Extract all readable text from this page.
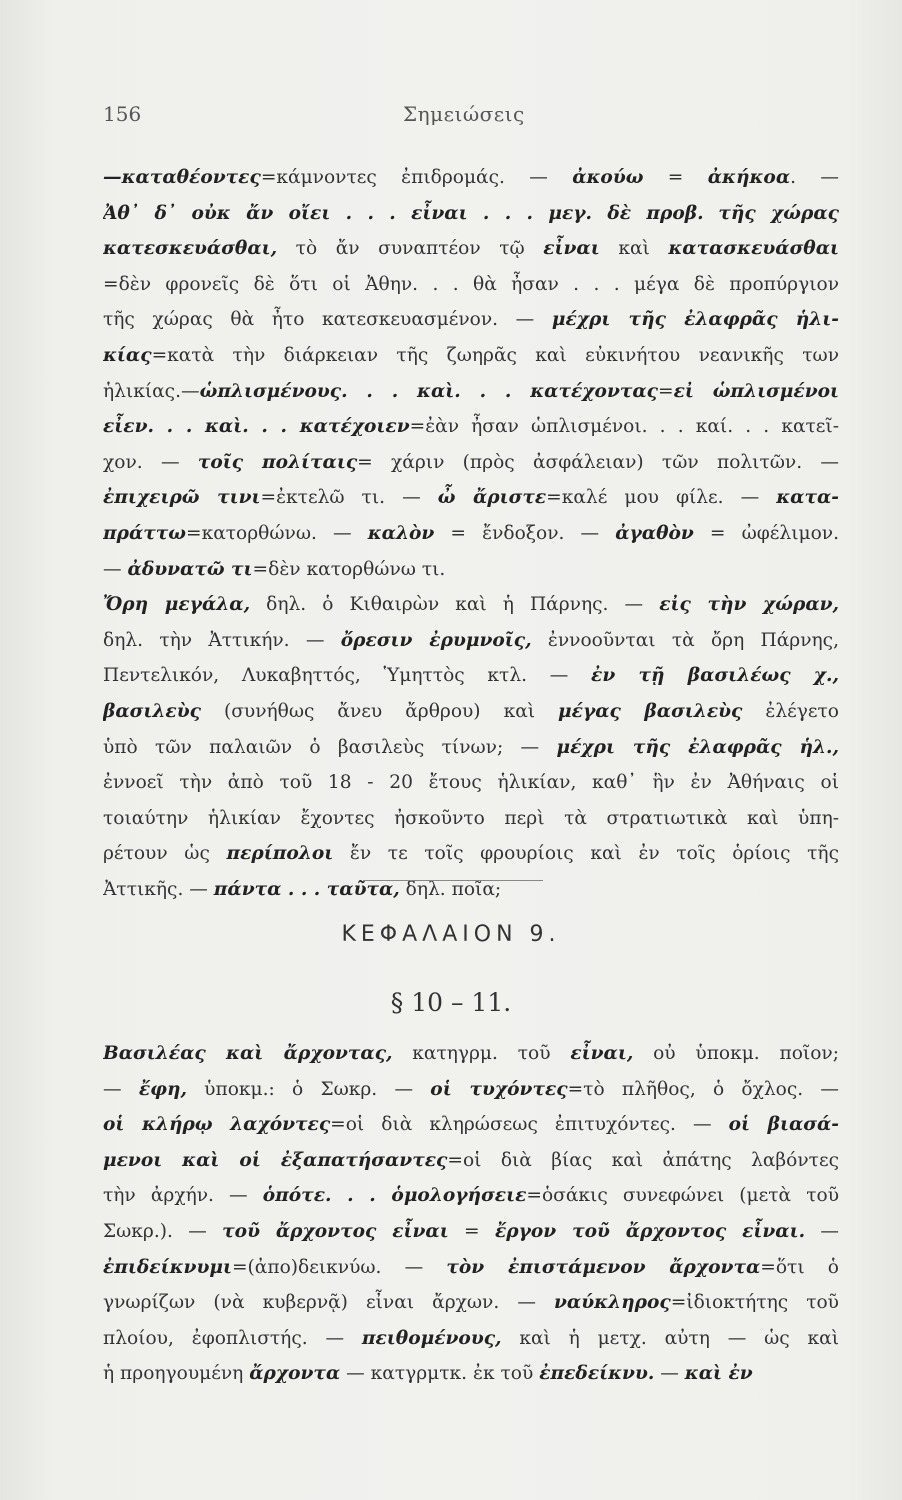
156	Σημειώσεις
—καταθέοντες=κάμνοντες ἐπιδρομάς. — ἀκούω = ἀκήκοα. —
Ἀθ᾽ δ᾽ οὐκ ἄν οἴει . . . εἶναι . . . μεγ. δὲ προβ. τῆς χώρας
κατεσκευάσθαι, τὸ ἄν συναπτέον τῷ εἶναι καὶ κατασκευάσθαι
=δὲν φρονεῖς δὲ ὅτι οἱ Ἀθην. . . θὰ ἦσαν . . . μέγα δὲ προπύργιον
τῆς χώρας θὰ ἦτο κατεσκευασμένον. — μέχρι τῆς ἐλαφρᾶς ἡλι-
κίας=κατὰ τὴν διάρκειαν τῆς ζωηρᾶς καὶ εὐκινήτου νεανικῆς των
ἡλικίας.—ὡπλισμένους. . . καὶ. . . κατέχοντας=εἰ ὡπλισμένοι
εἶεν. . . καὶ. . . κατέχοιεν=ἐὰν ἦσαν ὡπλισμένοι. . . καί. . . κατεῖ-
χον. — τοῖς πολίταις= χάριν (πρὸς ἀσφάλειαν) τῶν πολιτῶν. —
ἐπιχειρῶ τινι=ἐκτελῶ τι. — ὦ ἄριστε=καλέ μου φίλε. — κατα-
πράττω=κατορθώνω. — καλὸν = ἔνδοξον. — ἀγαθὸν = ὠφέλιμον.
— ἀδυνατῶ τι=δὲν κατορθώνω τι.
Ὄρη μεγάλα, δηλ. ὁ Κιθαιρὼν καὶ ἡ Πάρνης. — εἰς τὴν χώραν,
δηλ. τὴν Ἀττικήν. — ὄρεσιν ἐρυμνοῖς, ἐννοοῦνται τὰ ὄρη Πάρνης,
Πεντελικόν, Λυκαβηττός, Ὑμηττὸς κτλ. — ἐν τῇ βασιλέως χ.,
βασιλεὺς (συνήθως ἄνευ ἄρθρου) καὶ μέγας βασιλεὺς ἐλέγετο
ὑπὸ τῶν παλαιῶν ὁ βασιλεὺς τίνων; — μέχρι τῆς ἐλαφρᾶς ἡλ.,
ἐννοεῖ τὴν ἀπὸ τοῦ 18 - 20 ἔτους ἡλικίαν, καθ᾽ ἣν ἐν Ἀθήναις οἱ
τοιαύτην ἡλικίαν ἔχοντες ἠσκοῦντο περὶ τὰ στρατιωτικὰ καὶ ὑπη-
ρέτουν ὡς περίπολοι ἔν τε τοῖς φρουρίοις καὶ ἐν τοῖς ὁρίοις τῆς
Ἀττικῆς. — πάντα . . . ταῦτα, δηλ. ποῖα;
ΚΕΦΑΛΑΙΟΝ 9.
§ 10 – 11.
Βασιλέας καὶ ἄρχοντας, κατηγρμ. τοῦ εἶναι, οὐ ὑποκμ. ποῖον;
— ἔφη, ὑποκμ.: ὁ Σωκρ. — οἱ τυχόντες=τὸ πλῆθος, ὁ ὄχλος. —
οἱ κλήρῳ λαχόντες=οἱ διὰ κληρώσεως ἐπιτυχόντες. — οἱ βιασά-
μενοι καὶ οἱ ἐξαπατήσαντες=οἱ διὰ βίας καὶ ἀπάτης λαβόντες
τὴν ἀρχήν. — ὁπότε. . . ὁμολογήσειε=ὁσάκις συνεφώνει (μετὰ τοῦ
Σωκρ.). — τοῦ ἄρχοντος εἶναι = ἔργον τοῦ ἄρχοντος εἶναι. —
ἐπιδείκνυμι=(ἀπο)δεικνύω. — τὸν ἐπιστάμενον ἄρχοντα=ὅτι ὁ
γνωρίζων (νὰ κυβερνᾷ) εἶναι ἄρχων. — ναύκληρος=ἰδιοκτήτης τοῦ
πλοίου, ἐφοπλιστής. — πειθομένους, καὶ ἡ μετχ. αὐτη — ὡς καὶ
ἡ προηγουμένη ἄρχοντα — κατγρμτκ. ἐκ τοῦ ἐπεδείκνυ. — καὶ ἐν
